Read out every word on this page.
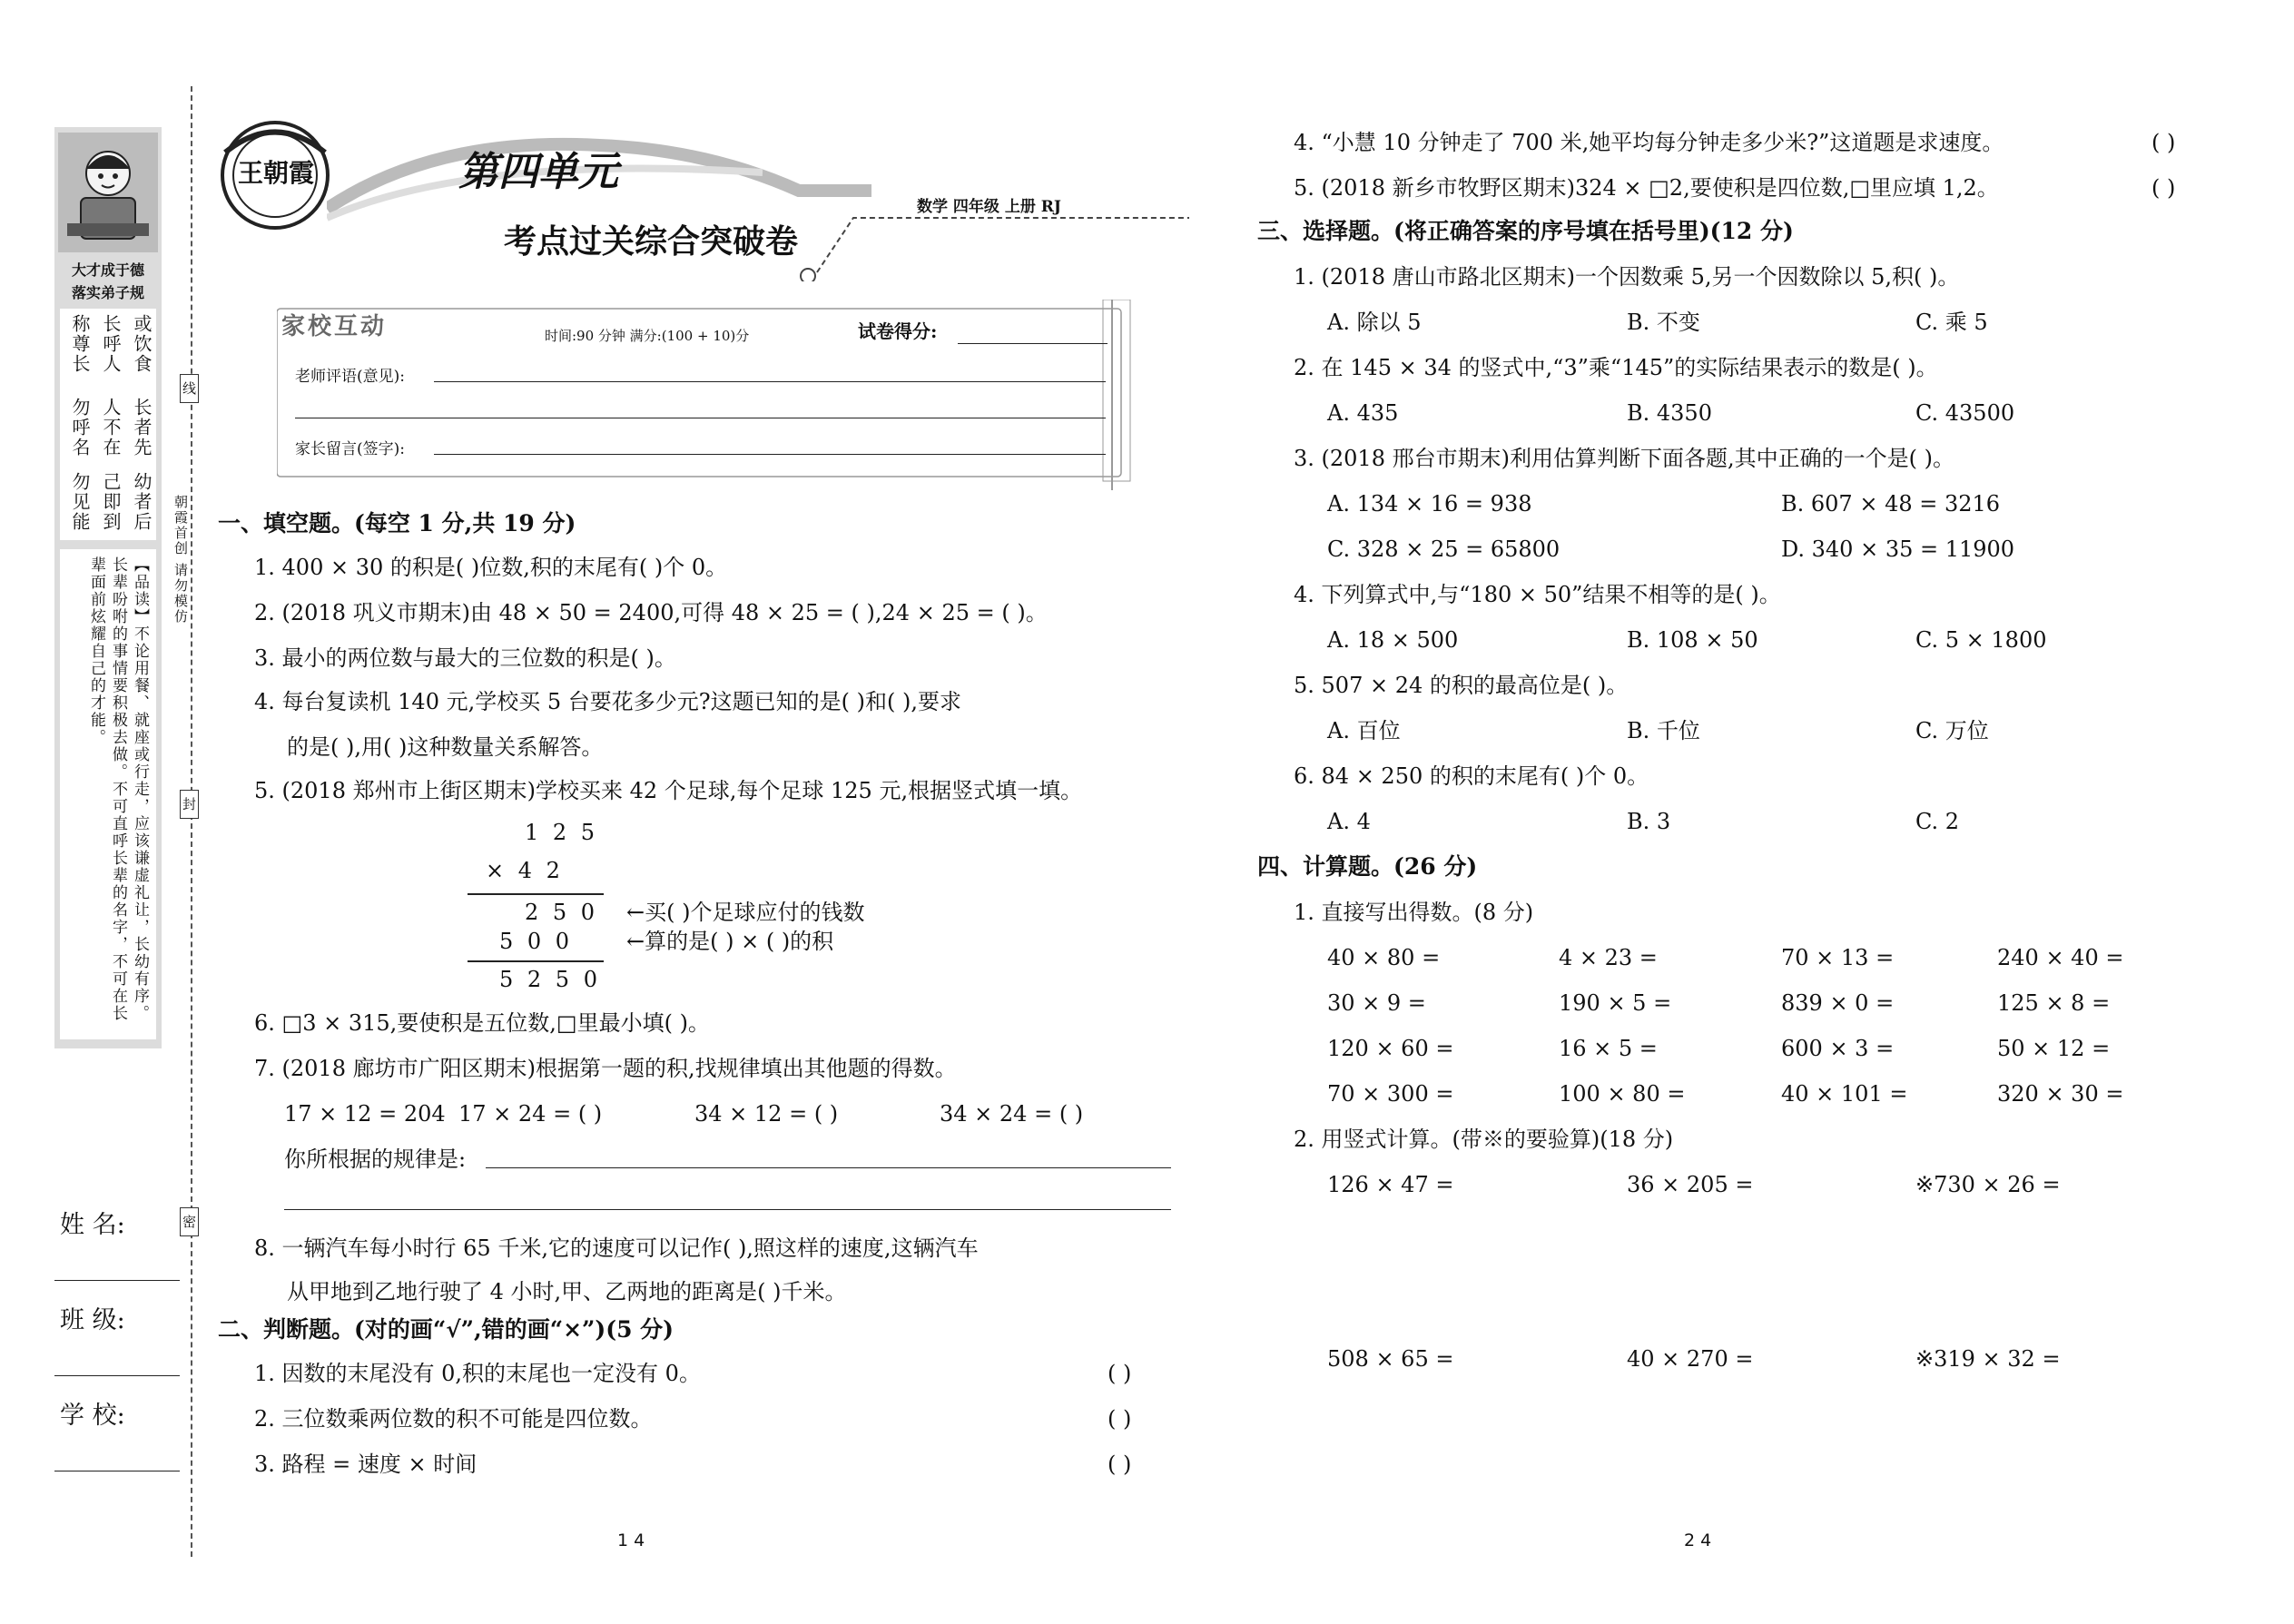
大才成于德
落实弟子规
或饮食
长者先
幼者后
长呼人
人不在
己即到
称尊长
勿呼名
勿见能
【品读】不论用餐、就座或行走，应该谦虚礼让，长幼有序。长辈吩咐的事情要积极去做。不可直呼长辈的名字，不可在长辈面前炫耀自己的才能。
姓 名:
班 级:
学 校:
线
封
密
朝霞首创 请勿模仿
王朝霞	第四单元
考点过关综合突破卷
数学 四年级 上册 RJ
家校互动	时间:90 分钟 满分:(100 + 10)分	试卷得分:
老师评语(意见):
家长留言(签字):
一、填空题。(每空 1 分,共 19 分)
1. 400 × 30 的积是( )位数,积的末尾有( )个 0。
2. (2018 巩义市期末)由 48 × 50 = 2400,可得 48 × 25 = ( ),24 × 25 = ( )。
3. 最小的两位数与最大的三位数的积是( )。
4. 每台复读机 140 元,学校买 5 台要花多少元?这题已知的是( )和( ),要求
的是( ),用( )这种数量关系解答。
5. (2018 郑州市上街区期末)学校买来 42 个足球,每个足球 125 元,根据竖式填一填。
1 2 5
× 4 2
2 5 0
5 0 0
5 2 5 0
←买( )个足球应付的钱数
←算的是( ) × ( )的积
6. □3 × 315,要使积是五位数,□里最小填( )。
7. (2018 廊坊市广阳区期末)根据第一题的积,找规律填出其他题的得数。
17 × 12 = 204 17 × 24 = ( )	34 × 12 = ( )	34 × 24 = ( )
你所根据的规律是:
8. 一辆汽车每小时行 65 千米,它的速度可以记作( ),照这样的速度,这辆汽车
从甲地到乙地行驶了 4 小时,甲、乙两地的距离是( )千米。
二、判断题。(对的画“√”,错的画“×”)(5 分)
1. 因数的末尾没有 0,积的末尾也一定没有 0。	( )
2. 三位数乘两位数的积不可能是四位数。	( )
3. 路程 = 速度 × 时间	( )
1 4
4. “小慧 10 分钟走了 700 米,她平均每分钟走多少米?”这道题是求速度。	( )
5. (2018 新乡市牧野区期末)324 × □2,要使积是四位数,□里应填 1,2。	( )
三、选择题。(将正确答案的序号填在括号里)(12 分)
1. (2018 唐山市路北区期末)一个因数乘 5,另一个因数除以 5,积( )。
A. 除以 5	B. 不变	C. 乘 5
2. 在 145 × 34 的竖式中,“3”乘“145”的实际结果表示的数是( )。
A. 435	B. 4350	C. 43500
3. (2018 邢台市期末)利用估算判断下面各题,其中正确的一个是( )。
A. 134 × 16 = 938	B. 607 × 48 = 3216
C. 328 × 25 = 65800	D. 340 × 35 = 11900
4. 下列算式中,与“180 × 50”结果不相等的是( )。
A. 18 × 500	B. 108 × 50	C. 5 × 1800
5. 507 × 24 的积的最高位是( )。
A. 百位	B. 千位	C. 万位
6. 84 × 250 的积的末尾有( )个 0。
A. 4	B. 3	C. 2
四、计算题。(26 分)
1. 直接写出得数。(8 分)
40 × 80 =	4 × 23 =	70 × 13 =	240 × 40 =
30 × 9 =	190 × 5 =	839 × 0 =	125 × 8 =
120 × 60 =	16 × 5 =	600 × 3 =	50 × 12 =
70 × 300 =	100 × 80 =	40 × 101 =	320 × 30 =
2. 用竖式计算。(带※的要验算)(18 分)
126 × 47 =	36 × 205 =	※730 × 26 =
508 × 65 =	40 × 270 =	※319 × 32 =
2 4
